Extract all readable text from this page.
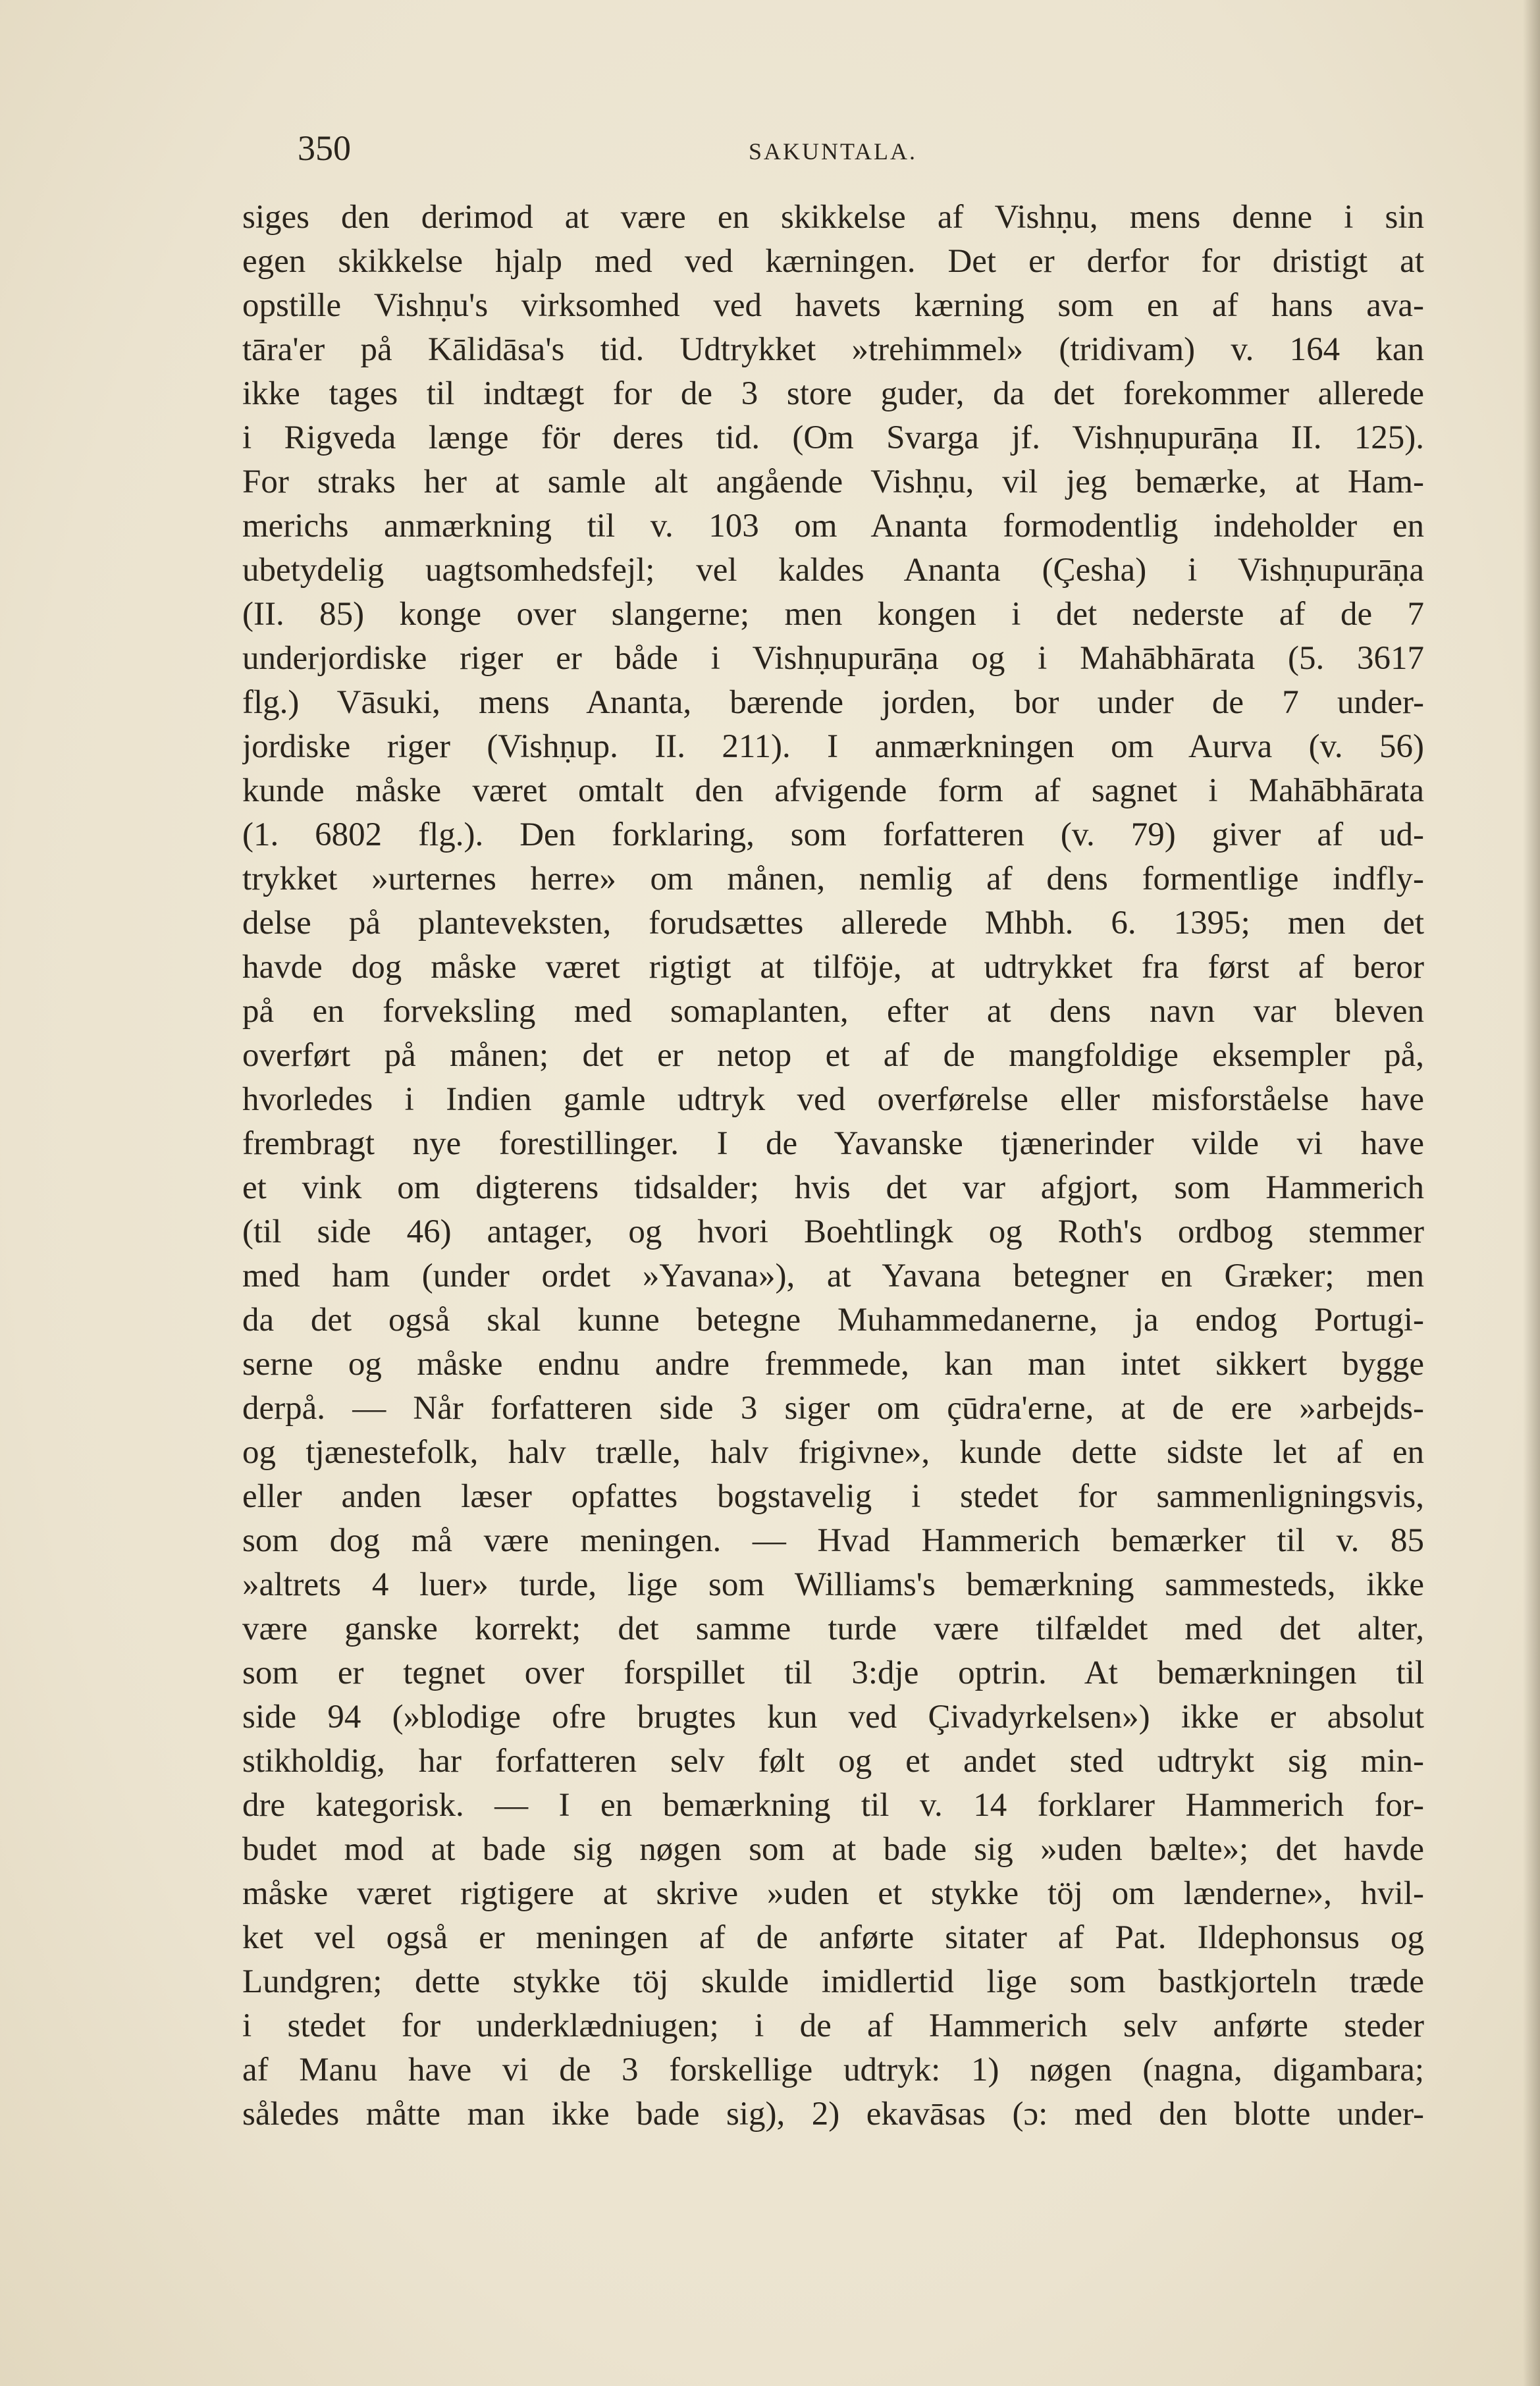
350	SAKUNTALA.
siges den derimod at være en skikkelse af Vishṇu, mens denne i sin
egen skikkelse hjalp med ved kærningen. Det er derfor for dristigt at
opstille Vishṇu's virksomhed ved havets kærning som en af hans ava-
tāra'er på Kālidāsa's tid. Udtrykket »trehimmel» (tridivam) v. 164 kan
ikke tages til indtægt for de 3 store guder, da det forekommer allerede
i Rigveda længe för deres tid. (Om Svarga jf. Vishṇupurāṇa II. 125).
For straks her at samle alt angående Vishṇu, vil jeg bemærke, at Ham-
merichs anmærkning til v. 103 om Ananta formodentlig indeholder en
ubetydelig uagtsomhedsfejl; vel kaldes Ananta (Çesha) i Vishṇupurāṇa
(II. 85) konge over slangerne; men kongen i det nederste af de 7
underjordiske riger er både i Vishṇupurāṇa og i Mahābhārata (5. 3617
flg.) Vāsuki, mens Ananta, bærende jorden, bor under de 7 under-
jordiske riger (Vishṇup. II. 211). I anmærkningen om Aurva (v. 56)
kunde måske været omtalt den afvigende form af sagnet i Mahābhārata
(1. 6802 flg.). Den forklaring, som forfatteren (v. 79) giver af ud-
trykket »urternes herre» om månen, nemlig af dens formentlige indfly-
delse på planteveksten, forudsættes allerede Mhbh. 6. 1395; men det
havde dog måske været rigtigt at tilföje, at udtrykket fra først af beror
på en forveksling med somaplanten, efter at dens navn var bleven
overført på månen; det er netop et af de mangfoldige eksempler på,
hvorledes i Indien gamle udtryk ved overførelse eller misforståelse have
frembragt nye forestillinger. I de Yavanske tjænerinder vilde vi have
et vink om digterens tidsalder; hvis det var afgjort, som Hammerich
(til side 46) antager, og hvori Boehtlingk og Roth's ordbog stemmer
med ham (under ordet »Yavana»), at Yavana betegner en Græker; men
da det også skal kunne betegne Muhammedanerne, ja endog Portugi-
serne og måske endnu andre fremmede, kan man intet sikkert bygge
derpå. — Når forfatteren side 3 siger om çūdra'erne, at de ere »arbejds-
og tjænestefolk, halv trælle, halv frigivne», kunde dette sidste let af en
eller anden læser opfattes bogstavelig i stedet for sammenligningsvis,
som dog må være meningen. — Hvad Hammerich bemærker til v. 85
»altrets 4 luer» turde, lige som Williams's bemærkning sammesteds, ikke
være ganske korrekt; det samme turde være tilfældet med det alter,
som er tegnet over forspillet til 3:dje optrin. At bemærkningen til
side 94 (»blodige ofre brugtes kun ved Çivadyrkelsen») ikke er absolut
stikholdig, har forfatteren selv følt og et andet sted udtrykt sig min-
dre kategorisk. — I en bemærkning til v. 14 forklarer Hammerich for-
budet mod at bade sig nøgen som at bade sig »uden bælte»; det havde
måske været rigtigere at skrive »uden et stykke töj om lænderne», hvil-
ket vel også er meningen af de anførte sitater af Pat. Ildephonsus og
Lundgren; dette stykke töj skulde imidlertid lige som bastkjorteln træde
i stedet for underklædniugen; i de af Hammerich selv anførte steder
af Manu have vi de 3 forskellige udtryk: 1) nøgen (nagna, digambara;
således måtte man ikke bade sig), 2) ekavāsas (ɔ: med den blotte under-
